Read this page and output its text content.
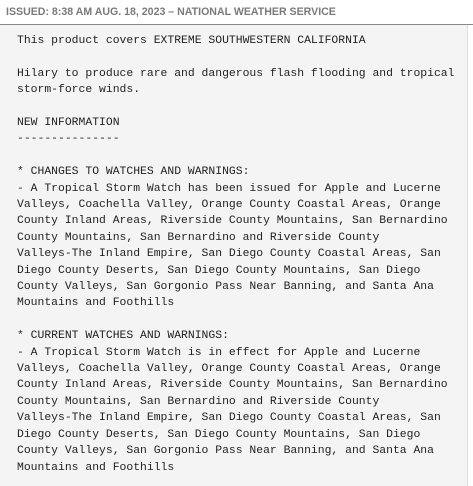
ISSUED: 8:38 AM AUG. 18, 2023 – NATIONAL WEATHER SERVICE
This product covers EXTREME SOUTHWESTERN CALIFORNIA
Hilary to produce rare and dangerous flash flooding and tropical
storm-force winds.
NEW INFORMATION
---------------
* CHANGES TO WATCHES AND WARNINGS:
- A Tropical Storm Watch has been issued for Apple and Lucerne
Valleys, Coachella Valley, Orange County Coastal Areas, Orange
County Inland Areas, Riverside County Mountains, San Bernardino
County Mountains, San Bernardino and Riverside County
Valleys-The Inland Empire, San Diego County Coastal Areas, San
Diego County Deserts, San Diego County Mountains, San Diego
County Valleys, San Gorgonio Pass Near Banning, and Santa Ana
Mountains and Foothills
* CURRENT WATCHES AND WARNINGS:
- A Tropical Storm Watch is in effect for Apple and Lucerne
Valleys, Coachella Valley, Orange County Coastal Areas, Orange
County Inland Areas, Riverside County Mountains, San Bernardino
County Mountains, San Bernardino and Riverside County
Valleys-The Inland Empire, San Diego County Coastal Areas, San
Diego County Deserts, San Diego County Mountains, San Diego
County Valleys, San Gorgonio Pass Near Banning, and Santa Ana
Mountains and Foothills
